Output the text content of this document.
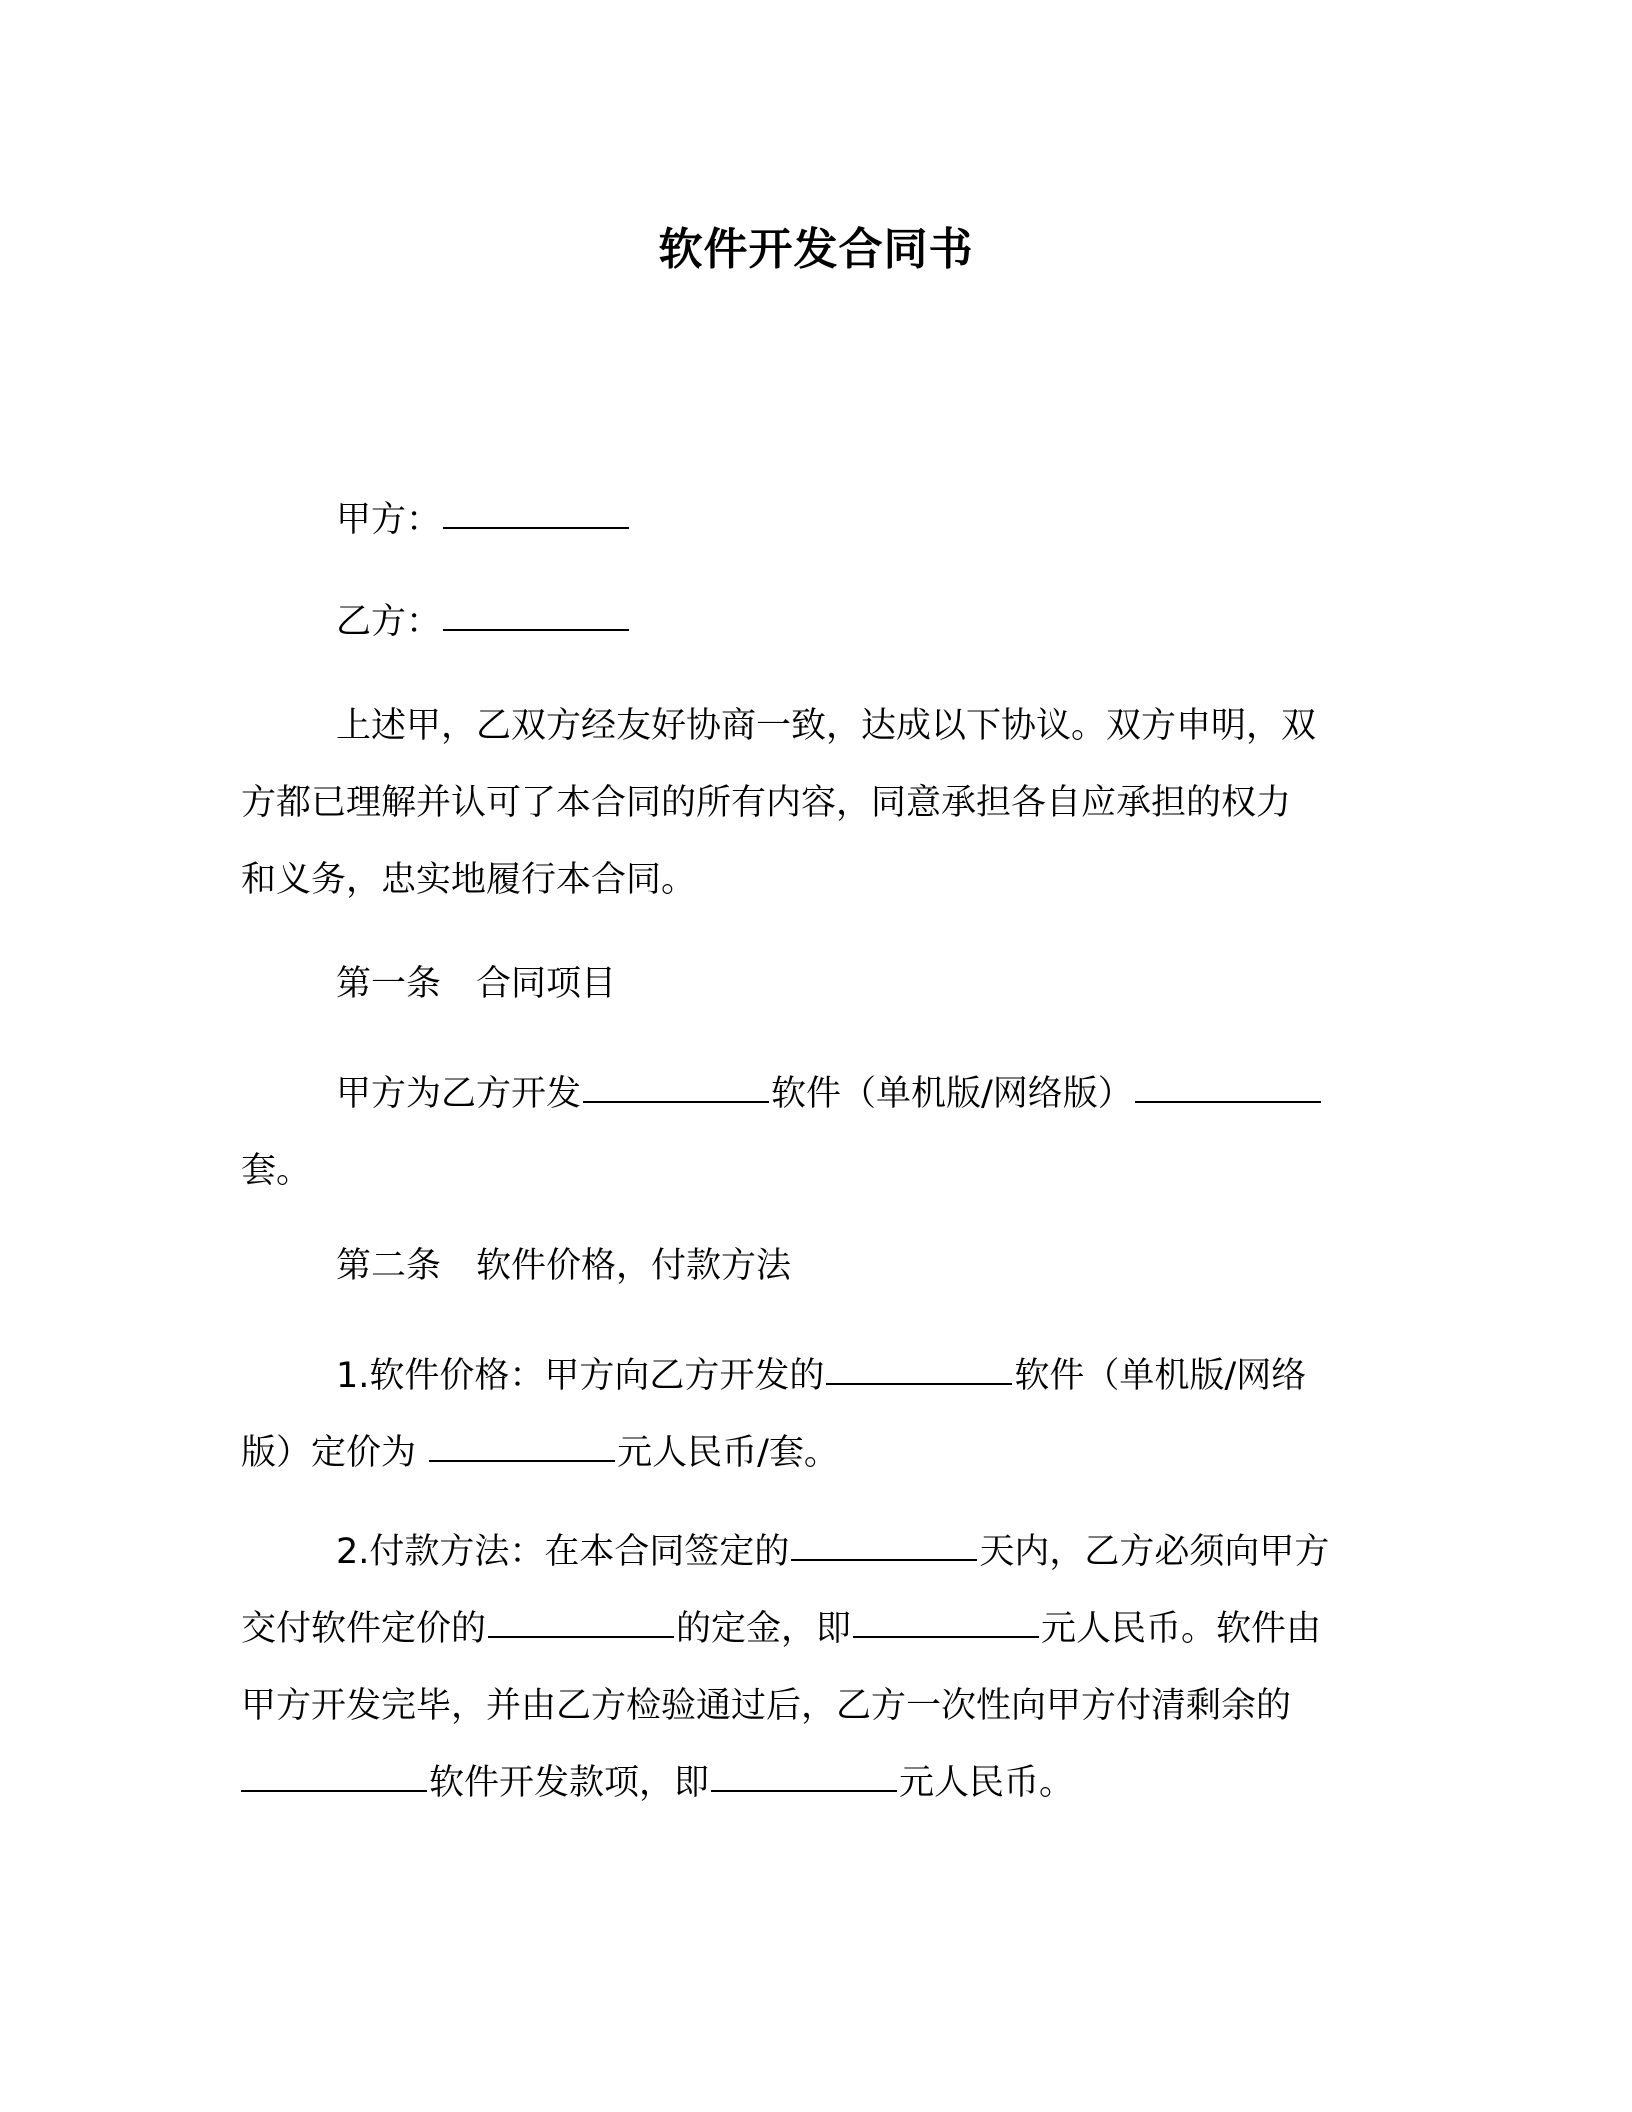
软件开发合同书
甲方：
乙方：
上述甲，乙双方经友好协商一致，达成以下协议。双方申明，双
方都已理解并认可了本合同的所有内容，同意承担各自应承担的权力
和义务，忠实地履行本合同。
第一条　合同项目
甲方为乙方开发	软件（单机版/网络版）
套。
第二条　软件价格，付款方法
1.软件价格：甲方向乙方开发的	软件（单机版/网络
版）定价为	元人民币/套。
2.付款方法：在本合同签定的	天内，乙方必须向甲方
交付软件定价的	的定金，即	元人民币。软件由
甲方开发完毕，并由乙方检验通过后，乙方一次性向甲方付清剩余的
软件开发款项，即	元人民币。
